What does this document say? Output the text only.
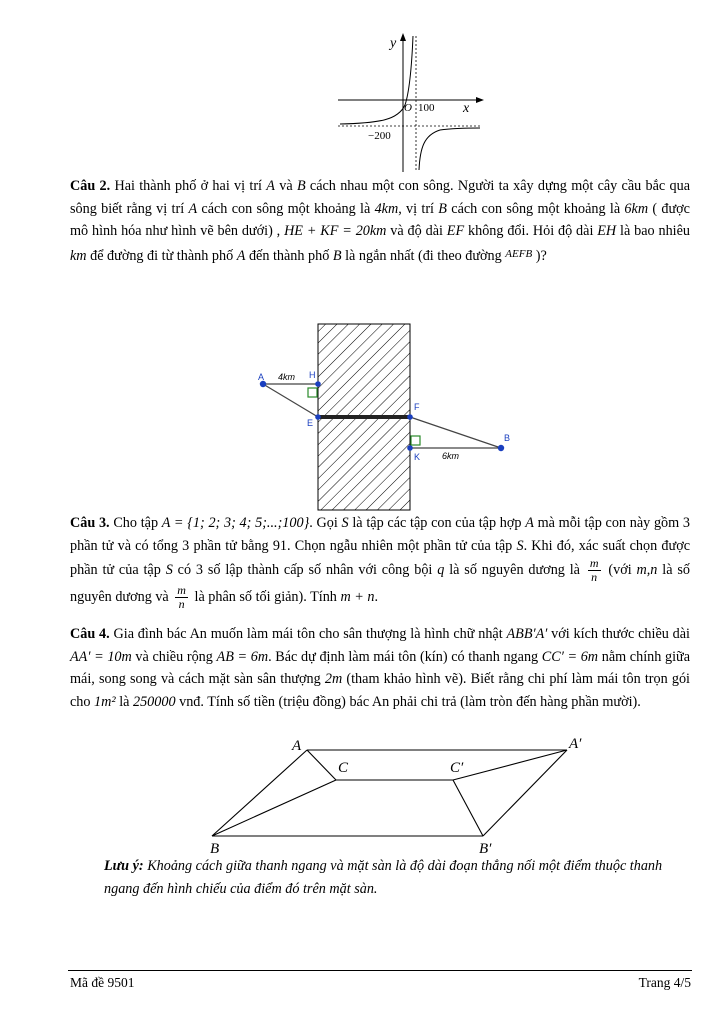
y
O 100 x
−200

Câu 2. Hai thành phố ở hai vị trí A và B cách nhau một con sông. Người ta xây dựng một cây cầu bắc qua sông biết rằng vị trí A cách con sông một khoảng là 4km, vị trí B cách con sông một khoảng là 6km ( được mô hình hóa như hình vẽ bên dưới) , HE + KF = 20km và độ dài EF không đổi. Hỏi độ dài EH là bao nhiêu km để đường đi từ thành phố A đến thành phố B là ngắn nhất (đi theo đường $^{AEFB}$ )?

A	H
4km
E
F
K 6km
B

Câu 3. Cho tập A = {1; 2; 3; 4; 5;...;100}. Gọi S là tập các tập con của tập hợp A mà mỗi tập con này gồm 3 phần tử và có tổng 3 phần tử bằng 91. Chọn ngẫu nhiên một phần tử của tập S. Khi đó, xác suất chọn được phần tử của tập S có 3 số lập thành cấp số nhân với công bội q là số nguyên dương là $\frac{m}{n}$ (với m,n là số nguyên dương và $\frac{m}{n}$ là phân số tối giản). Tính m + n.

Câu 4. Gia đình bác An muốn làm mái tôn cho sân thượng là hình chữ nhật ABB′A′ với kích thước chiều dài AA′ = 10m và chiều rộng AB = 6m. Bác dự định làm mái tôn (kín) có thanh ngang CC′ = 6m nằm chính giữa mái, song song và cách mặt sàn sân thượng 2m (tham khảo hình vẽ). Biết rằng chi phí làm mái tôn trọn gói cho 1m² là 250000 vnđ. Tính số tiền (triệu đồng) bác An phải chi trả (làm tròn đến hàng phần mười).

A	A′
C	C′
B	B′

Lưu ý: Khoảng cách giữa thanh ngang và mặt sàn là độ dài đoạn thẳng nối một điểm thuộc thanh ngang đến hình chiếu của điểm đó trên mặt sàn.

Mã đề 9501	Trang 4/5
